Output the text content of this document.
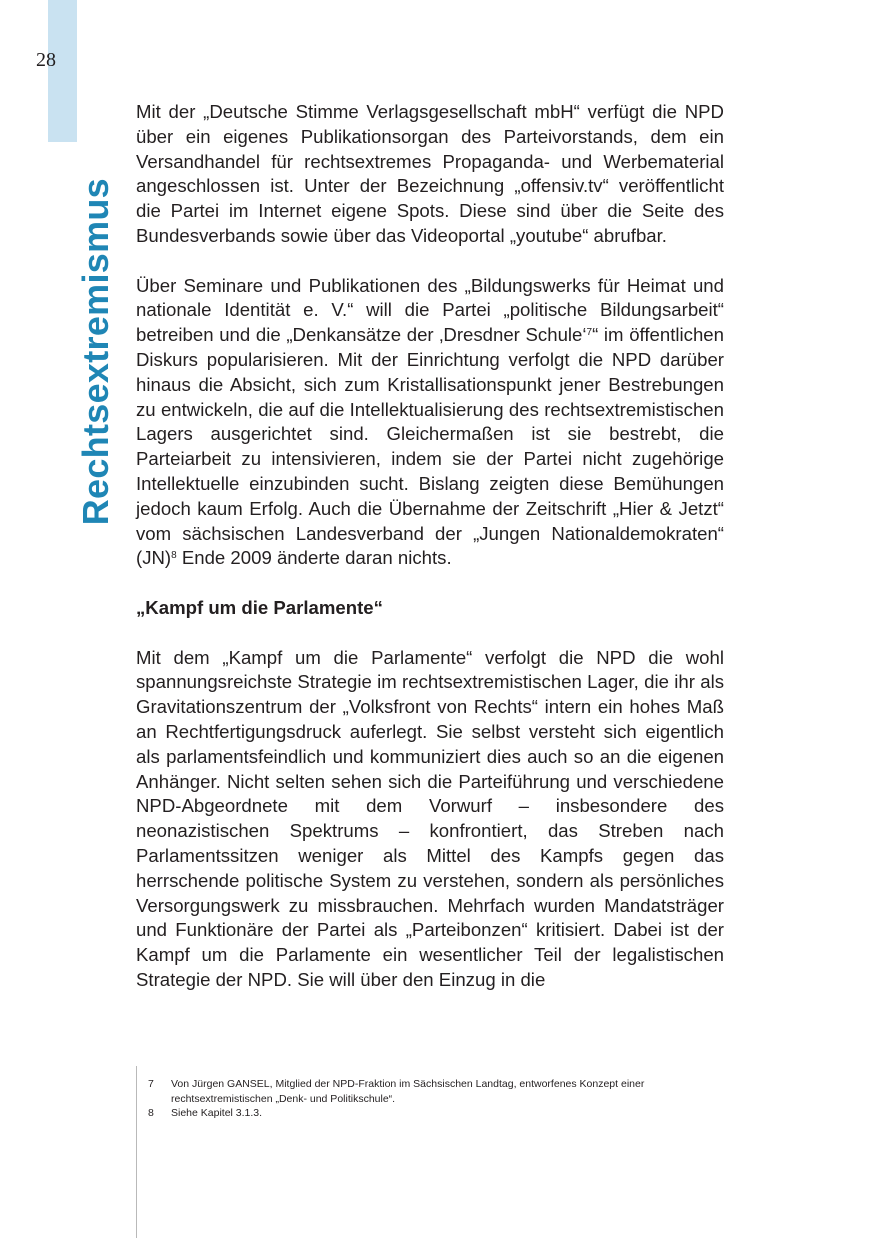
28
Rechtsextremismus

Mit der „Deutsche Stimme Verlagsgesellschaft mbH“ verfügt die NPD über ein eigenes Publikationsorgan des Parteivorstands, dem ein Versandhandel für rechtsextremes Propaganda- und Werbematerial angeschlossen ist. Unter der Bezeichnung „offensiv.tv“ veröffentlicht die Partei im Internet eigene Spots. Diese sind über die Seite des Bundesverbands sowie über das Videoportal „youtube“ abrufbar.

Über Seminare und Publikationen des „Bildungswerks für Heimat und nationale Identität e. V.“ will die Partei „politische Bildungsarbeit“ betreiben und die „Denkansätze der ‚Dresdner Schule‘$^7$“ im öffentlichen Diskurs popularisieren. Mit der Einrichtung verfolgt die NPD darüber hinaus die Absicht, sich zum Kristallisationspunkt jener Bestrebungen zu entwickeln, die auf die Intellektualisierung des rechtsextremistischen Lagers ausgerichtet sind. Gleichermaßen ist sie bestrebt, die Parteiarbeit zu intensivieren, indem sie der Partei nicht zugehörige Intellektuelle einzubinden sucht. Bislang zeigten diese Bemühungen jedoch kaum Erfolg. Auch die Übernahme der Zeitschrift „Hier & Jetzt“ vom sächsischen Landesverband der „Jungen Nationaldemokraten“ (JN)$^8$ Ende 2009 änderte daran nichts.

„Kampf um die Parlamente“

Mit dem „Kampf um die Parlamente“ verfolgt die NPD die wohl spannungsreichste Strategie im rechtsextremistischen Lager, die ihr als Gravitationszentrum der „Volksfront von Rechts“ intern ein hohes Maß an Rechtfertigungsdruck auferlegt. Sie selbst versteht sich eigentlich als parlamentsfeindlich und kommuniziert dies auch so an die eigenen Anhänger. Nicht selten sehen sich die Parteiführung und verschiedene NPD-Abgeordnete mit dem Vorwurf – insbesondere des neonazistischen Spektrums – konfrontiert, das Streben nach Parlamentssitzen weniger als Mittel des Kampfs gegen das herrschende politische System zu verstehen, sondern als persönliches Versorgungswerk zu missbrauchen. Mehrfach wurden Mandatsträger und Funktionäre der Partei als „Parteibonzen“ kritisiert. Dabei ist der Kampf um die Parlamente ein wesentlicher Teil der legalistischen Strategie der NPD. Sie will über den Einzug in die

7	Von Jürgen GANSEL, Mitglied der NPD-Fraktion im Sächsischen Landtag, entworfenes Konzept einer rechtsextremistischen „Denk- und Politikschule“.
8	Siehe Kapitel 3.1.3.
